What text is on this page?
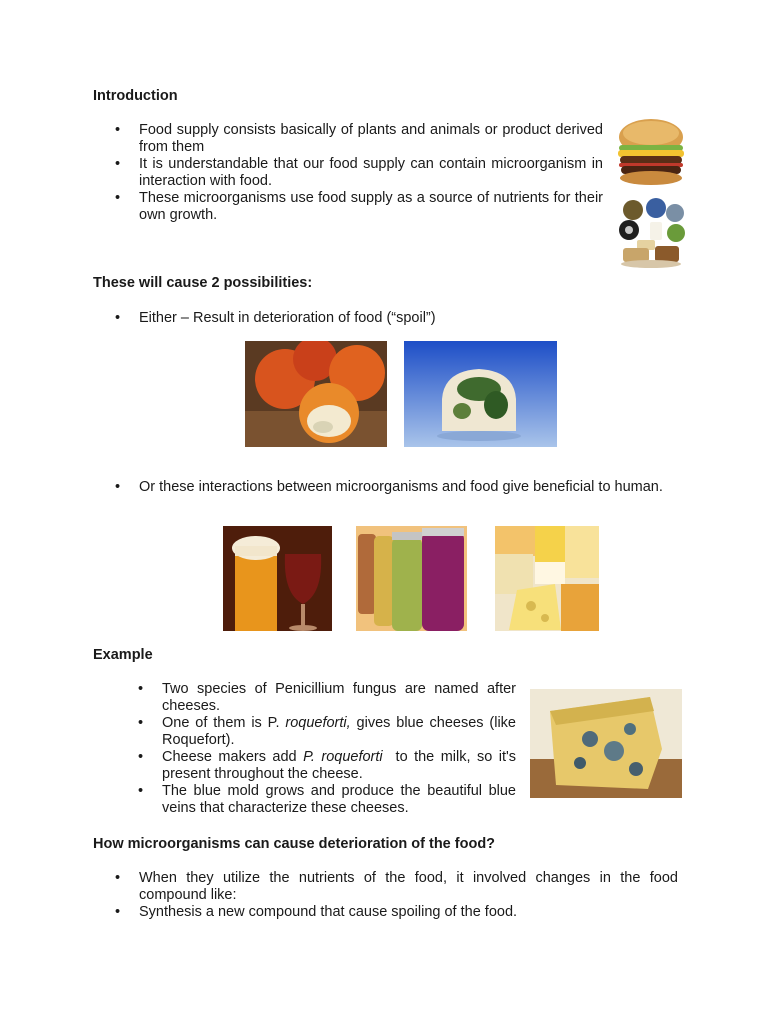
Introduction
• Food supply consists basically of plants and animals or product derived from them
• It is understandable that our food supply can contain microorganism in interaction with food.
• These microorganisms use food supply as a source of nutrients for their own growth.
These will cause 2 possibilities:
• Either – Result in deterioration of food (“spoil”)
• Or these interactions between microorganisms and food give beneficial to human.
Example
• Two species of Penicillium fungus are named after cheeses.
• One of them is P. roqueforti, gives blue cheeses (like Roquefort).
• Cheese makers add P. roqueforti  to the milk, so it's present throughout the cheese.
• The blue mold grows and produce the beautiful blue veins that characterize these cheeses.
How microorganisms can cause deterioration of the food?
• When they utilize the nutrients of the food, it involved changes in the food compound like:
• Synthesis a new compound that cause spoiling of the food.
